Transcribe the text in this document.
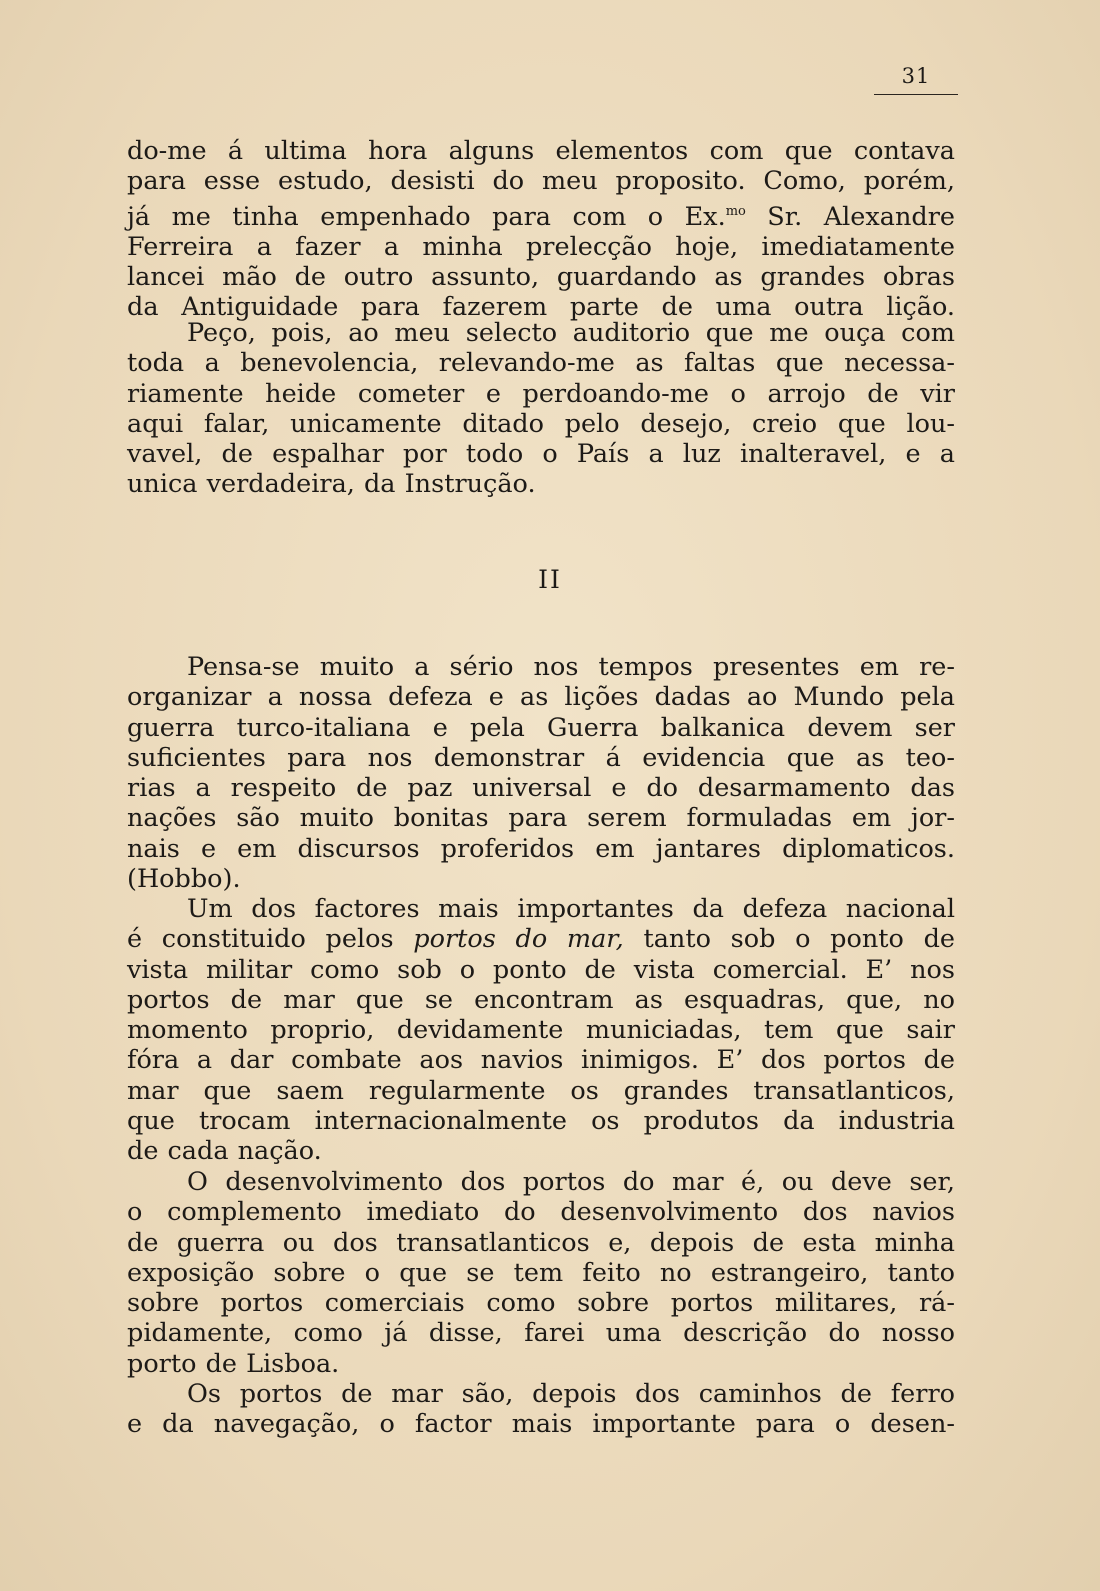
31
do-me á ultima hora alguns elementos com que contava
para esse estudo, desisti do meu proposito. Como, porém,
já me tinha empenhado para com o Ex.$^{mo}$ Sr. Alexandre
Ferreira a fazer a minha prelecção hoje, imediatamente
lancei mão de outro assunto, guardando as grandes obras
da Antiguidade para fazerem parte de uma outra lição.
Peço, pois, ao meu selecto auditorio que me ouça com
toda a benevolencia, relevando-me as faltas que necessa-
riamente heide cometer e perdoando-me o arrojo de vir
aqui falar, unicamente ditado pelo desejo, creio que lou-
vavel, de espalhar por todo o País a luz inalteravel, e a
unica verdadeira, da Instrução.
II
Pensa-se muito a sério nos tempos presentes em re-
organizar a nossa defeza e as lições dadas ao Mundo pela
guerra turco-italiana e pela Guerra balkanica devem ser
suficientes para nos demonstrar á evidencia que as teo-
rias a respeito de paz universal e do desarmamento das
nações são muito bonitas para serem formuladas em jor-
nais e em discursos proferidos em jantares diplomaticos.
(Hobbo).
Um dos factores mais importantes da defeza nacional
é constituido pelos portos do mar, tanto sob o ponto de
vista militar como sob o ponto de vista comercial. E’ nos
portos de mar que se encontram as esquadras, que, no
momento proprio, devidamente municiadas, tem que sair
fóra a dar combate aos navios inimigos. E’ dos portos de
mar que saem regularmente os grandes transatlanticos,
que trocam internacionalmente os produtos da industria
de cada nação.
O desenvolvimento dos portos do mar é, ou deve ser,
o complemento imediato do desenvolvimento dos navios
de guerra ou dos transatlanticos e, depois de esta minha
exposição sobre o que se tem feito no estrangeiro, tanto
sobre portos comerciais como sobre portos militares, rá-
pidamente, como já disse, farei uma descrição do nosso
porto de Lisboa.
Os portos de mar são, depois dos caminhos de ferro
e da navegação, o factor mais importante para o desen-
